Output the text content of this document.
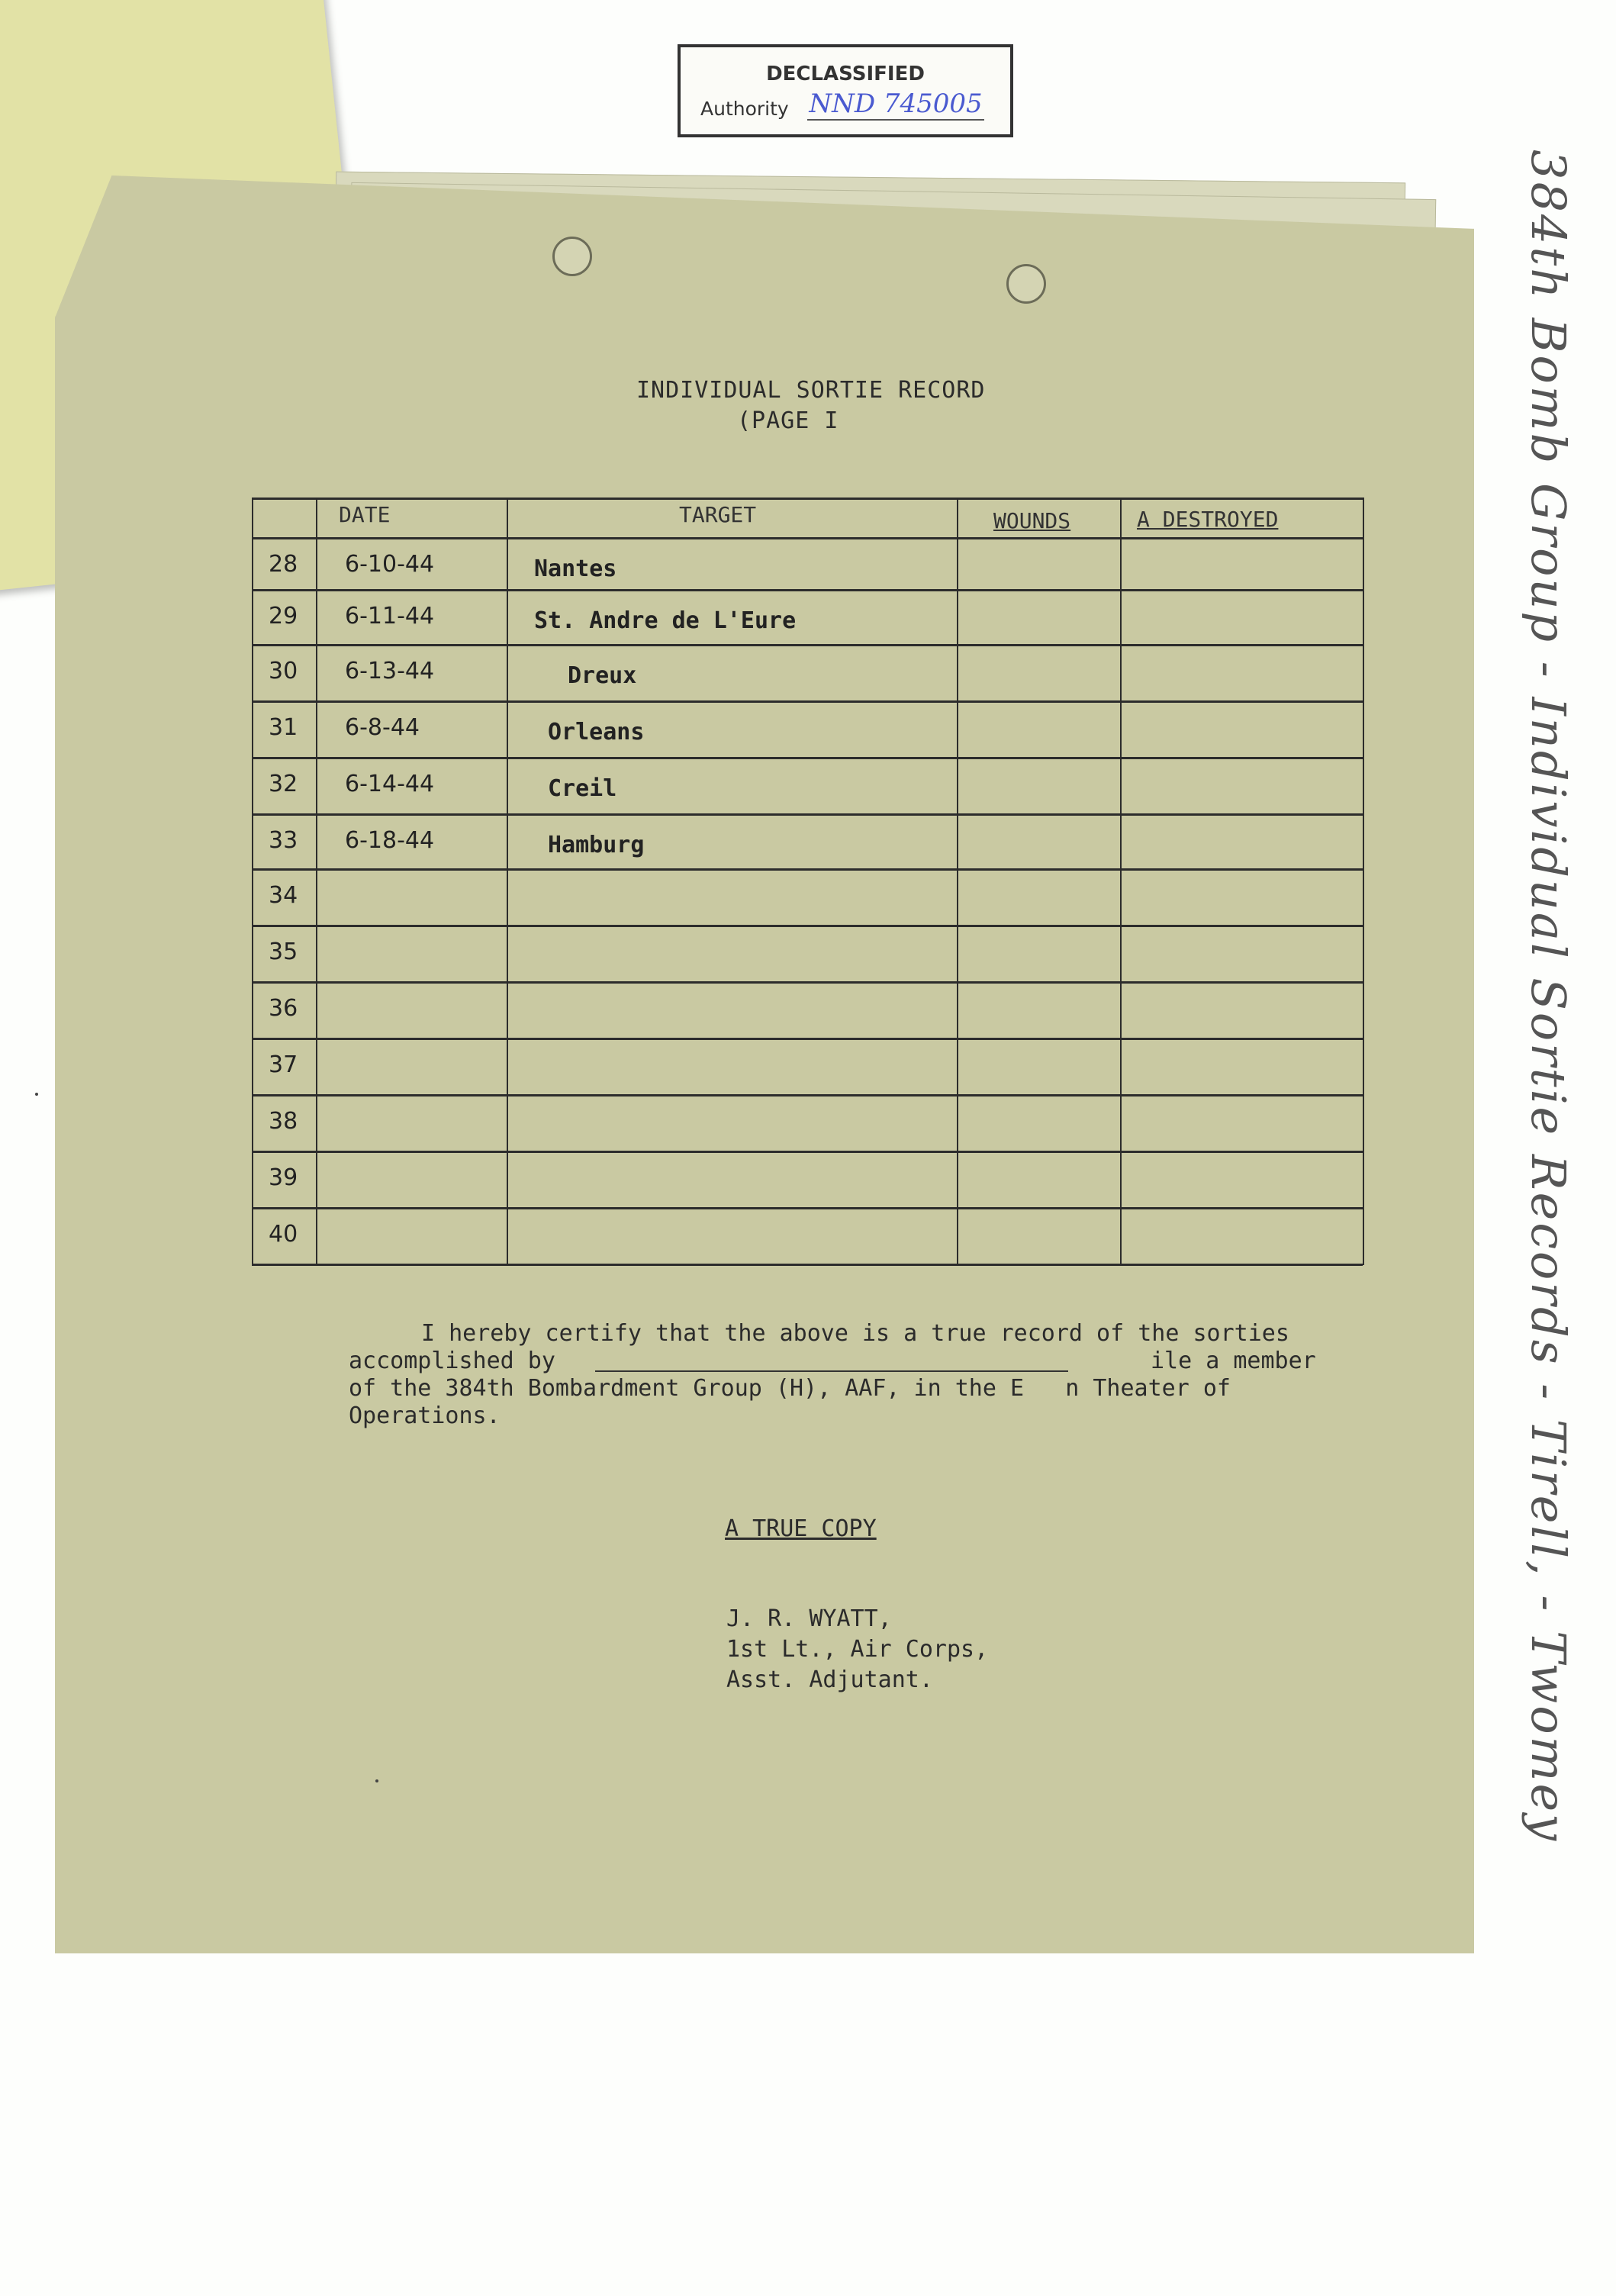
DECLASSIFIED
Authority NND 745005
INDIVIDUAL SORTIE RECORD
(PAGE I
DATE	TARGET	WOUNDS	A DESTROYED
28 6-10-44	Nantes
29 6-11-44	St. Andre de L'Eure
30 6-13-44	Dreux
31 6-8-44	Orleans
32 6-14-44	Creil
33 6-18-44	Hamburg
34
35
36
37
38
39
40
I hereby certify that the above is a true record of the sorties
accomplished by	ile a member
of the 384th Bombardment Group (H), AAF, in the E   n Theater of
Operations.
A TRUE COPY
J. R. WYATT,
1st Lt., Air Corps,
Asst. Adjutant.	384th Bomb Group - Individual Sortie Records - Tirell, - Twomey
